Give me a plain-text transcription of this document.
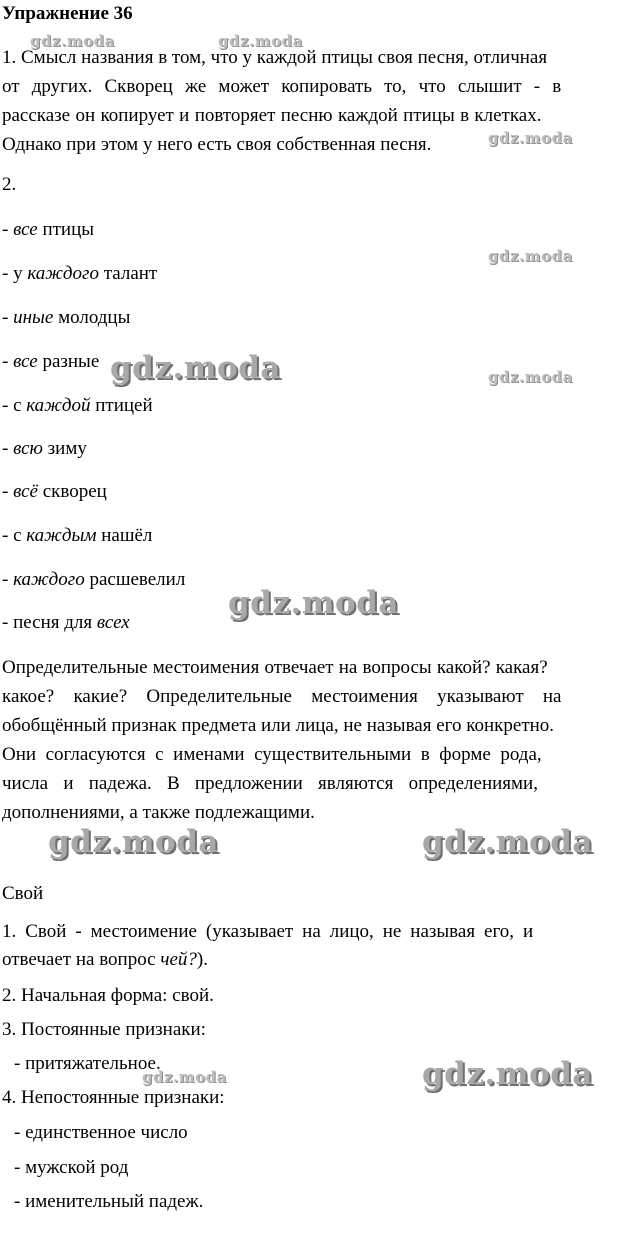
Упражнение 36
1. Смысл названия в том, что у каждой птицы своя песня, отличная
от других. Скворец же может копировать то, что слышит - в
рассказе он копирует и повторяет песню каждой птицы в клетках.
Однако при этом у него есть своя собственная песня.
2.
- все птицы
- у каждого талант
- иные молодцы
- все разные
- с каждой птицей
- всю зиму
- всё скворец
- с каждым нашёл
- каждого расшевелил
- песня для всех
Определительные местоимения отвечает на вопросы какой? какая?
какое? какие? Определительные местоимения указывают на
обобщённый признак предмета или лица, не называя его конкретно.
Они согласуются с именами существительными в форме рода,
числа и падежа. В предложении являются определениями,
дополнениями, а также подлежащими.
Свой
1. Свой - местоимение (указывает на лицо, не называя его, и
отвечает на вопрос чей?).
2. Начальная форма: свой.
3. Постоянные признаки:
- притяжательное.
4. Непостоянные признаки:
- единственное число
- мужской род
- именительный падеж.
gdz.moda	gdz.moda
gdz.moda
gdz.moda
gdz.moda	gdz.moda
gdz.moda
gdz.moda	gdz.moda
gdz.moda	gdz.moda
